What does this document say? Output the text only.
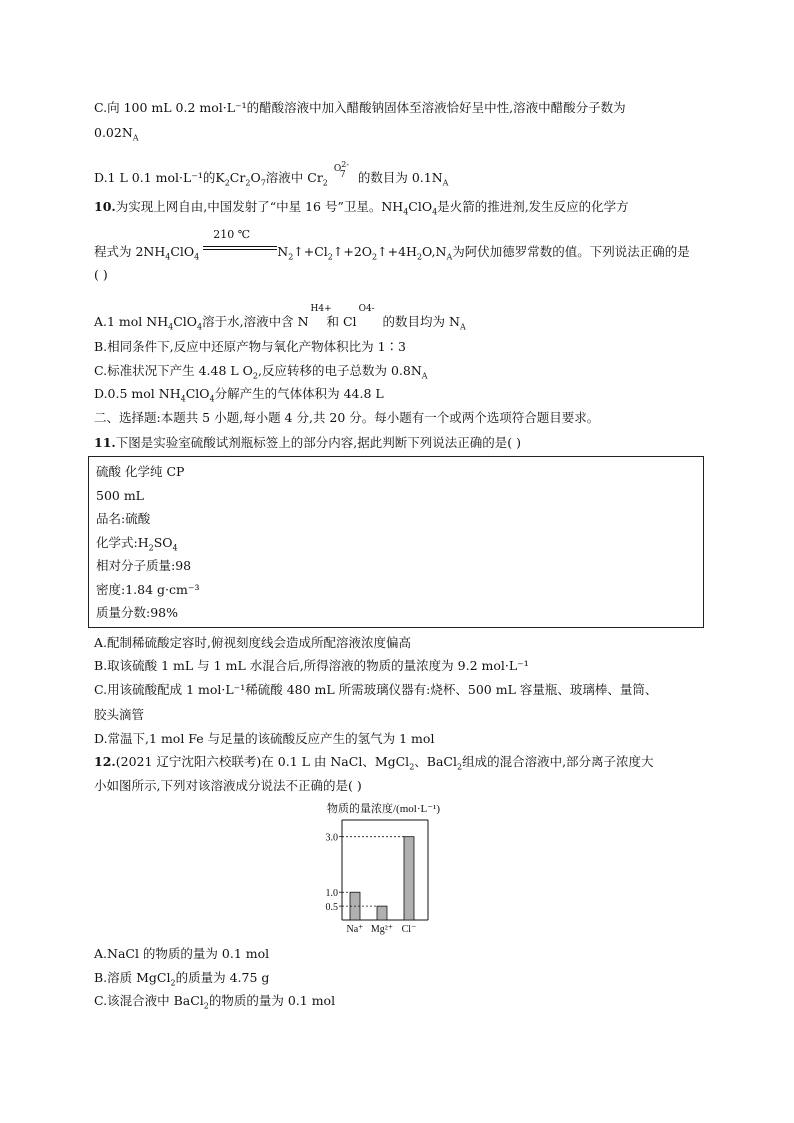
C.向 100 mL 0.2 mol·L⁻¹的醋酸溶液中加入醋酸钠固体至溶液恰好呈中性,溶液中醋酸分子数为
$0.02N_A$
D.1 L 0.1 mol·L⁻¹的$K_2Cr_2O_7$溶液中 $Cr_2$
$O^{2-}$
7 的数目为 $0.1N_A$
10.为实现上网自由,中国发射了“中星 16 号”卫星。$NH_4ClO_4$是火箭的推进剂,发生反应的化学方
程式为 $2NH_4ClO_4$
210 ℃
$N_2↑+Cl_2↑+2O_2↑+4H_2O,N_A$为阿伏加德罗常数的值。下列说法正确的是
( )
A.1 mol $NH_4ClO_4$溶于水,溶液中含 N
H4+
和 Cl
O4-
的数目均为 $N_A$
B.相同条件下,反应中还原产物与氧化产物体积比为 1∶3
C.标准状况下产生 4.48 L $O_2$,反应转移的电子总数为 $0.8N_A$
D.0.5 mol $NH_4ClO_4$分解产生的气体体积为 44.8 L
二、选择题:本题共 5 小题,每小题 4 分,共 20 分。每小题有一个或两个选项符合题目要求。
11.下图是实验室硫酸试剂瓶标签上的部分内容,据此判断下列说法正确的是( )
硫酸 化学纯 CP
500 mL
品名:硫酸
化学式$:H_2SO_4$
相对分子质量:98
密度:1.84 g·cm⁻³
质量分数:98%
A.配制稀硫酸定容时,俯视刻度线会造成所配溶液浓度偏高
B.取该硫酸 1 mL 与 1 mL 水混合后,所得溶液的物质的量浓度为 9.2 mol·L⁻¹
C.用该硫酸配成 1 mol·L⁻¹稀硫酸 480 mL 所需玻璃仪器有:烧杯、500 mL 容量瓶、玻璃棒、量筒、
胶头滴管
D.常温下,1 mol Fe 与足量的该硫酸反应产生的氢气为 1 mol
12.(2021 辽宁沈阳六校联考)在 0.1 L 由 NaCl、MgCl$_2$、BaCl$_2$组成的混合溶液中,部分离子浓度大
小如图所示,下列对该溶液成分说法不正确的是( )
物质的量浓度/(mol·L⁻¹)
Na⁺ Mg²⁺ Cl⁻
3.0
1.0
0.5
A.NaCl 的物质的量为 0.1 mol
B.溶质 MgCl$_2$的质量为 4.75 g
C.该混合液中 BaCl$_2$的物质的量为 0.1 mol
